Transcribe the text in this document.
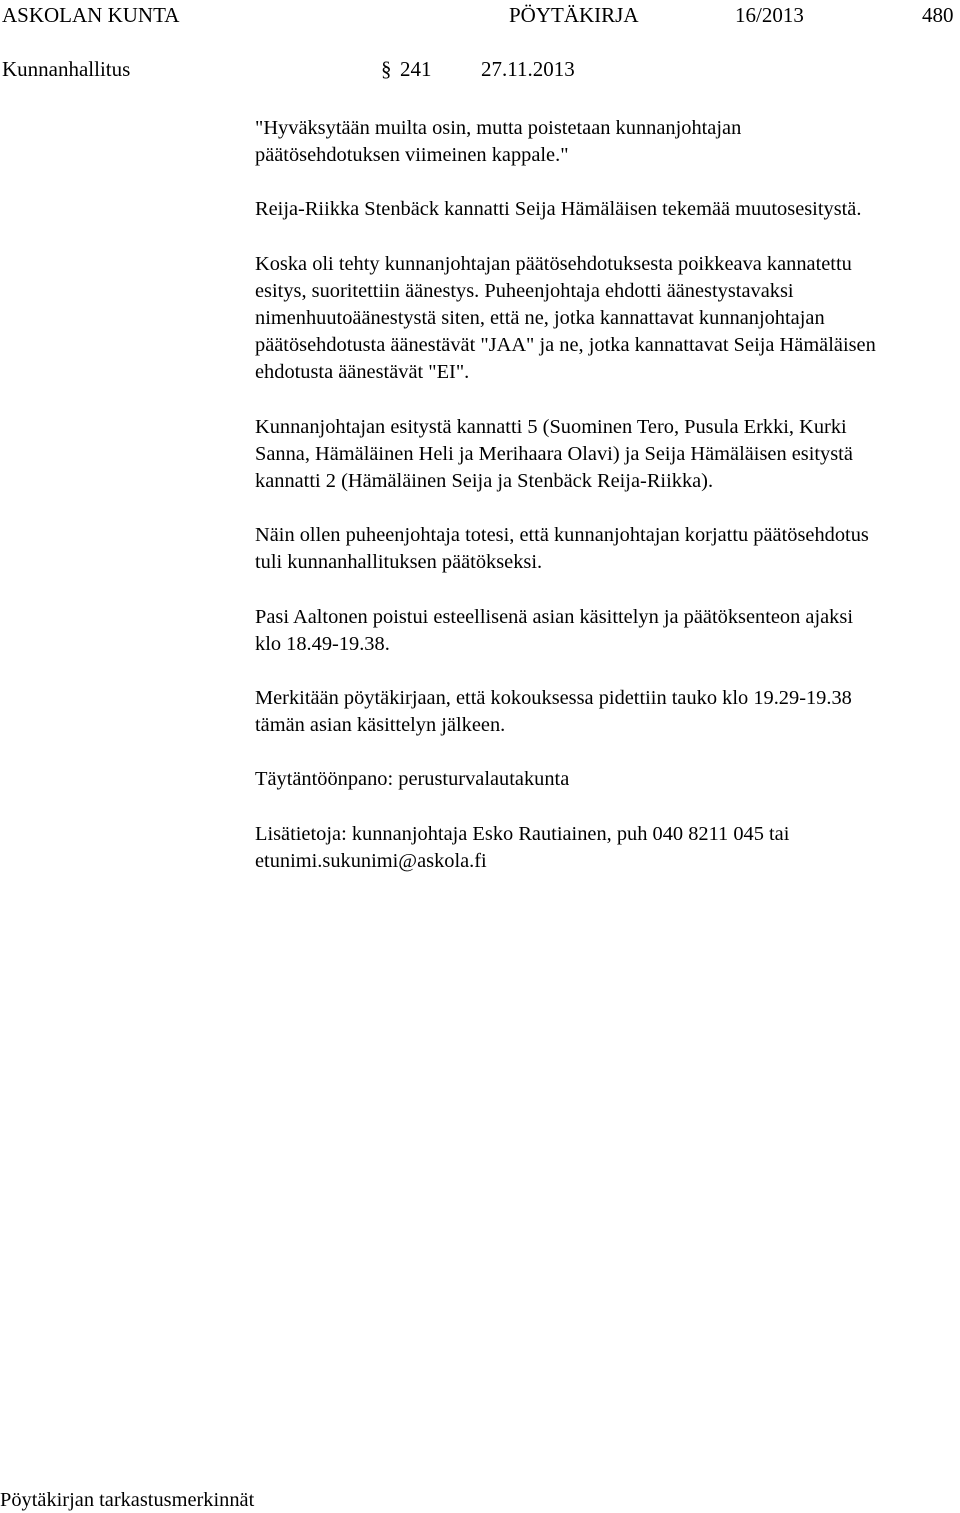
ASKOLAN KUNTA	PÖYTÄKIRJA	16/2013	480
Kunnanhallitus	§ 241 27.11.2013

"Hyväksytään muilta osin, mutta poistetaan kunnanjohtajan
päätösehdotuksen viimeinen kappale."

Reija-Riikka Stenbäck kannatti Seija Hämäläisen tekemää muutosesitystä.

Koska oli tehty kunnanjohtajan päätösehdotuksesta poikkeava kannatettu
esitys, suoritettiin äänestys. Puheenjohtaja ehdotti äänestystavaksi
nimenhuutoäänestystä siten, että ne, jotka kannattavat kunnanjohtajan
päätösehdotusta äänestävät "JAA" ja ne, jotka kannattavat Seija Hämäläisen
ehdotusta äänestävät "EI".

Kunnanjohtajan esitystä kannatti 5 (Suominen Tero, Pusula Erkki, Kurki
Sanna, Hämäläinen Heli ja Merihaara Olavi) ja Seija Hämäläisen esitystä
kannatti 2 (Hämäläinen Seija ja Stenbäck Reija-Riikka).

Näin ollen puheenjohtaja totesi, että kunnanjohtajan korjattu päätösehdotus
tuli kunnanhallituksen päätökseksi.

Pasi Aaltonen poistui esteellisenä asian käsittelyn ja päätöksenteon ajaksi
klo 18.49-19.38.

Merkitään pöytäkirjaan, että kokouksessa pidettiin tauko klo 19.29-19.38
tämän asian käsittelyn jälkeen.

Täytäntöönpano: perusturvalautakunta

Lisätietoja: kunnanjohtaja Esko Rautiainen, puh 040 8211 045 tai
etunimi.sukunimi@askola.fi

Pöytäkirjan tarkastusmerkinnät
